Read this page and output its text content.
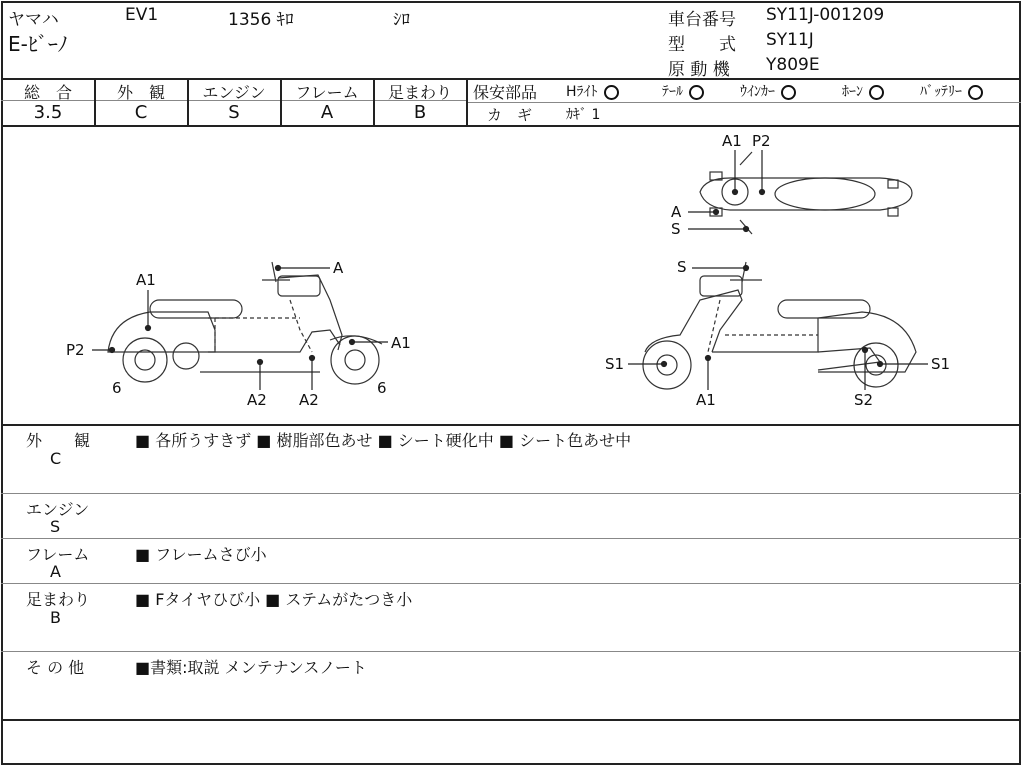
ヤマハ	EV1	1356 ｷﾛ	ｼﾛ
E-ﾋﾞｰﾉ
車台番号 SY11J-001209
型　　式 SY11J
原 動 機 Y809E
総　合
3.5
外　観
C
エンジン
S
フレーム
A
足まわり
B
保安部品 Hﾗｲﾄ	ﾃｰﾙ	ｳｲﾝｶｰ	ﾎｰﾝ	ﾊﾞｯﾃﾘｰ
カ　ギ ｶｷﾞ 1
A
A1
P2
6
A2 A2
A1
6
A1 P2
A
S
S
S1
A1
S1
S2
外　　観
C
■ 各所うすきず ■ 樹脂部色あせ ■ シート硬化中 ■ シート色あせ中
エンジン
S
フレーム
A
■ フレームさび小
足まわり
B
■ Fタイヤひび小 ■ ステムがたつき小
そ の 他	■書類:取説 メンテナンスノート
